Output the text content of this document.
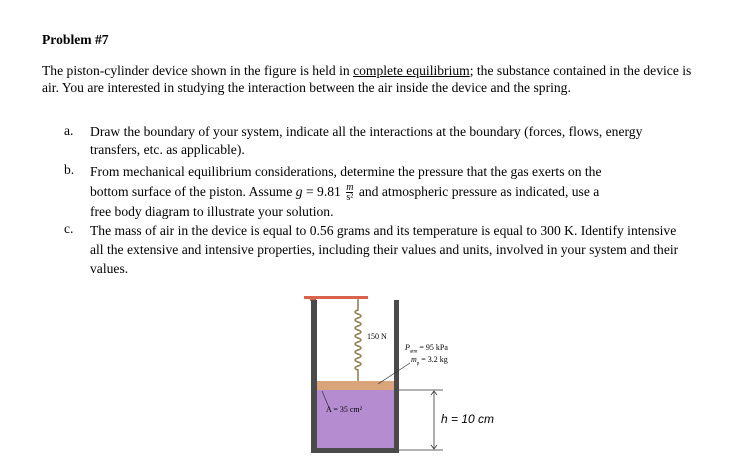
Problem #7
The piston-cylinder device shown in the figure is held in complete equilibrium; the substance contained in the device is air. You are interested in studying the interaction between the air inside the device and the spring.
a. Draw the boundary of your system, indicate all the interactions at the boundary (forces, flows, energy transfers, etc. as applicable).
b. From mechanical equilibrium considerations, determine the pressure that the gas exerts on the
bottom surface of the piston. Assume $g = 9.81 \frac{m}{\text{s²}}$ and atmospheric pressure as indicated, use a
free body diagram to illustrate your solution.
c. The mass of air in the device is equal to 0.56 grams and its temperature is equal to 300 K. Identify intensive all the extensive and intensive properties, including their values and units, involved in your system and their values.
150 N
$P_{atm} = 95$ kPa
$m_p = 3.2$ kg
A = 35 cm²
h = 10 cm
